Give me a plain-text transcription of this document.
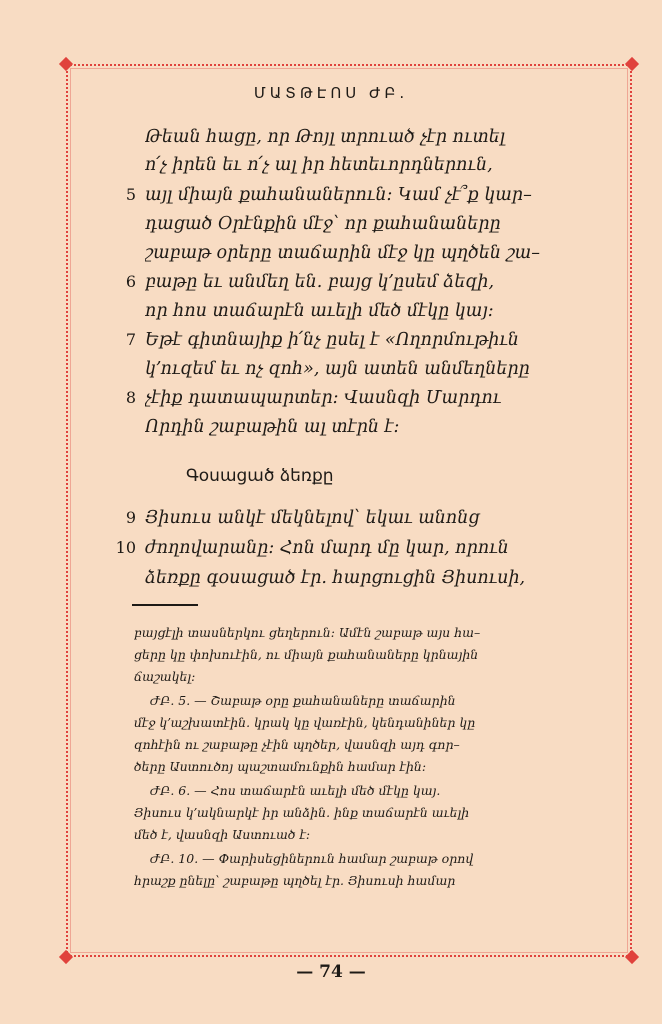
ՄԱՏԹԷՈՍ ԺԲ.
Թեան հացը, որ Թոյլ տրուած չէր ուտել
ո՛չ իրեն եւ ո՛չ ալ իր հետեւորդներուն,
5 այլ միայն քահանաներուն: Կամ չէ՞ք կար–
դացած Օրէնքին մէջ՝ որ քահանաները
շաբաթ օրերը տաճարին մէջ կը պղծեն շա–
6 բաթը եւ անմեղ են. բայց կ՚ըսեմ ձեզի,
որ հոս տաճարէն աւելի մեծ մէկը կայ:
7 Եթէ գիտնայիք ի՛նչ ըսել է «Ողորմութիւն
կ՚ուզեմ եւ ոչ զոհ», այն ատեն անմեղները
8 չէիք դատապարտեր: Վասնզի Մարդու
Որդին շաբաթին ալ տէրն է:
Գօսացած ձեռքը
9 Յիսուս անկէ մեկնելով՝ եկաւ անոնց
10 ժողովարանը: Հոն մարդ մը կար, որուն
ձեռքը գօսացած էր. հարցուցին Յիսուսի,
բայցէլի տասներկու ցեղերուն: Ամէն շաբաթ այս հա–
ցերը կը փոխուէին, ու միայն քահանաները կրնային
ճաշակել:
ԺԲ. 5. — Շաբաթ օրը քահանաները տաճարին
մէջ կ՚աշխատէին. կրակ կը վառէին, կենդանիներ կը
զոհէին ու շաբաթը չէին պղծեր, վասնզի այդ գոր–
ծերը Աստուծոյ պաշտամունքին համար էին:
ԺԲ. 6. — Հոս տաճարէն աւելի մեծ մէկը կայ.
Յիսուս կ՚ակնարկէ իր անձին. ինք տաճարէն աւելի
մեծ է, վասնզի Աստուած է:
ԺԲ. 10. — Փարիսեցիներուն համար շաբաթ օրով
հրաշք ընելը՝ շաբաթը պղծել էր. Յիսուսի համար
— 74 —
